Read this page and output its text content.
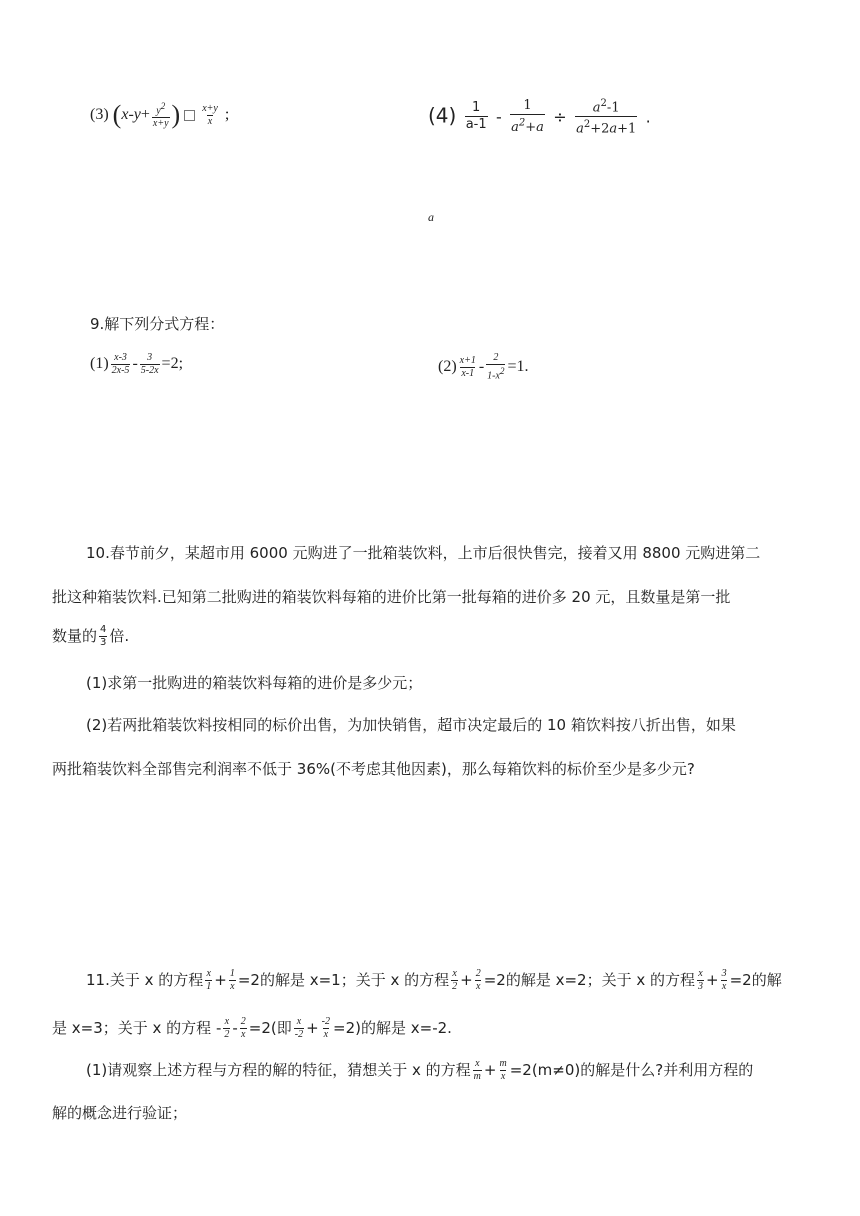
(3) ($x-y+ \frac{y^2}{x+y}$ ) $\frac{x+y}{x}$ ;	$(4) \frac{1}{a-1} - \frac{1}{a^2+a} \div \frac{a^2-1}{a^2+2a+1}$ .
a
9.解下列分式方程：
$(1) \frac{x-3}{2x-5} - \frac{3}{5-2x} =2$;	$(2) \frac{x+1}{x-1} - \frac{2}{1-x^2} =1$.
10.春节前夕，某超市用 6000 元购进了一批箱装饮料，上市后很快售完，接着又用 8800 元购进第二
批这种箱装饮料.已知第二批购进的箱装饮料每箱的进价比第一批每箱的进价多 20 元，且数量是第一批
数量的 $\frac{4}{3}$ 倍.
(1)求第一批购进的箱装饮料每箱的进价是多少元；
(2)若两批箱装饮料按相同的标价出售，为加快销售，超市决定最后的 10 箱饮料按八折出售，如果
两批箱装饮料全部售完利润率不低于 36%(不考虑其他因素)，那么每箱饮料的标价至少是多少元?
11.关于 x 的方程 $\frac{x}{1} + \frac{1}{x} =2$的解是 x=1；关于 x 的方程 $\frac{x}{2} + \frac{2}{x} =2$的解是 x=2；关于 x 的方程 $\frac{x}{3} + \frac{3}{x} =2$的解
是 x=3；关于 x 的方程 - $\frac{x}{2} - \frac{2}{x} =2$(即 $\frac{x}{-2} + \frac{-2}{x} =2$)的解是 x=-2.
(1)请观察上述方程与方程的解的特征，猜想关于 x 的方程 $\frac{x}{m} + \frac{m}{x} =2(m\ne 0)$的解是什么?并利用方程的
解的概念进行验证；
